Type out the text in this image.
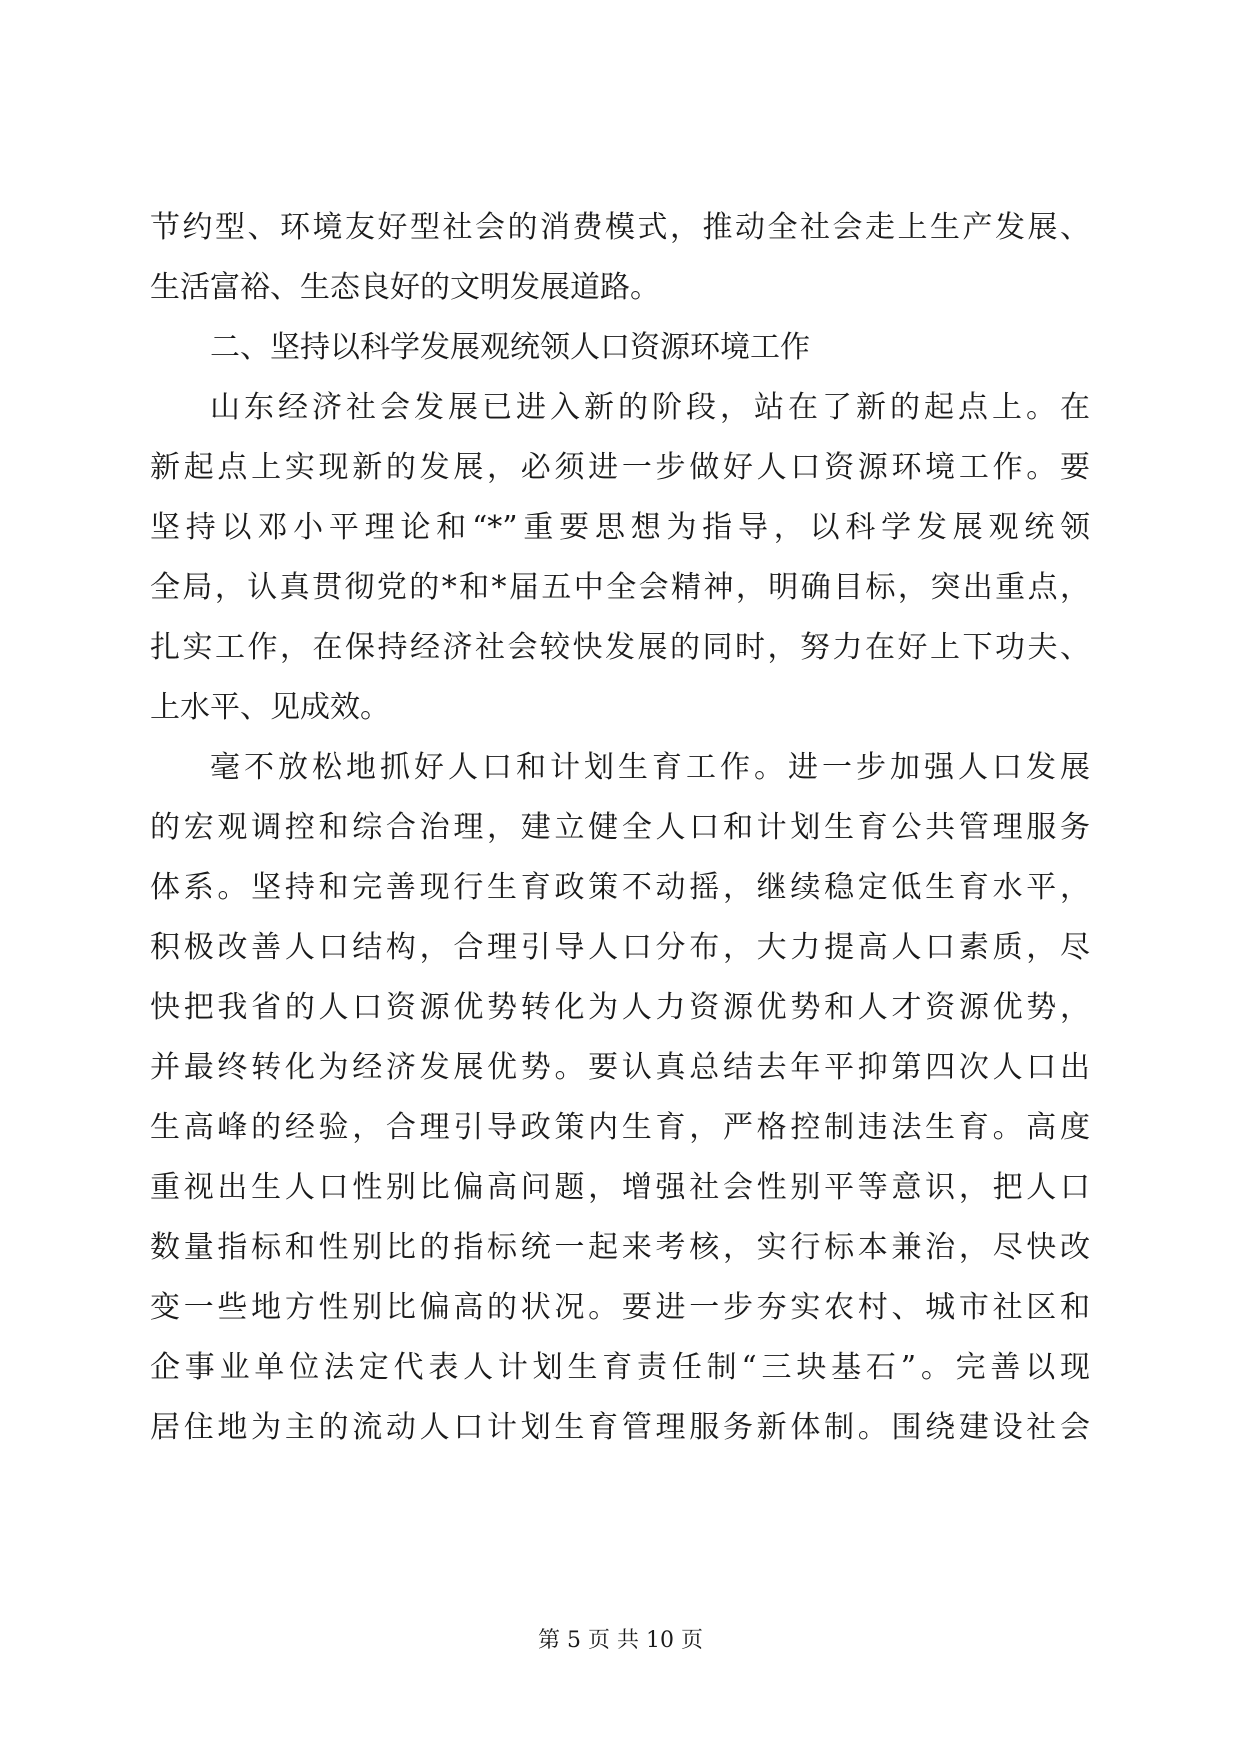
节约型、环境友好型社会的消费模式，推动全社会走上生产发展、
生活富裕、生态良好的文明发展道路。
二、坚持以科学发展观统领人口资源环境工作
山东经济社会发展已进入新的阶段，站在了新的起点上。在
新起点上实现新的发展，必须进一步做好人口资源环境工作。要
坚持以邓小平理论和“*”重要思想为指导，以科学发展观统领
全局，认真贯彻党的*和*届五中全会精神，明确目标，突出重点，
扎实工作，在保持经济社会较快发展的同时，努力在好上下功夫、
上水平、见成效。
毫不放松地抓好人口和计划生育工作。进一步加强人口发展
的宏观调控和综合治理，建立健全人口和计划生育公共管理服务
体系。坚持和完善现行生育政策不动摇，继续稳定低生育水平，
积极改善人口结构，合理引导人口分布，大力提高人口素质，尽
快把我省的人口资源优势转化为人力资源优势和人才资源优势，
并最终转化为经济发展优势。要认真总结去年平抑第四次人口出
生高峰的经验，合理引导政策内生育，严格控制违法生育。高度
重视出生人口性别比偏高问题，增强社会性别平等意识，把人口
数量指标和性别比的指标统一起来考核，实行标本兼治，尽快改
变一些地方性别比偏高的状况。要进一步夯实农村、城市社区和
企事业单位法定代表人计划生育责任制“三块基石”。完善以现
居住地为主的流动人口计划生育管理服务新体制。围绕建设社会
第 5 页 共 10 页
